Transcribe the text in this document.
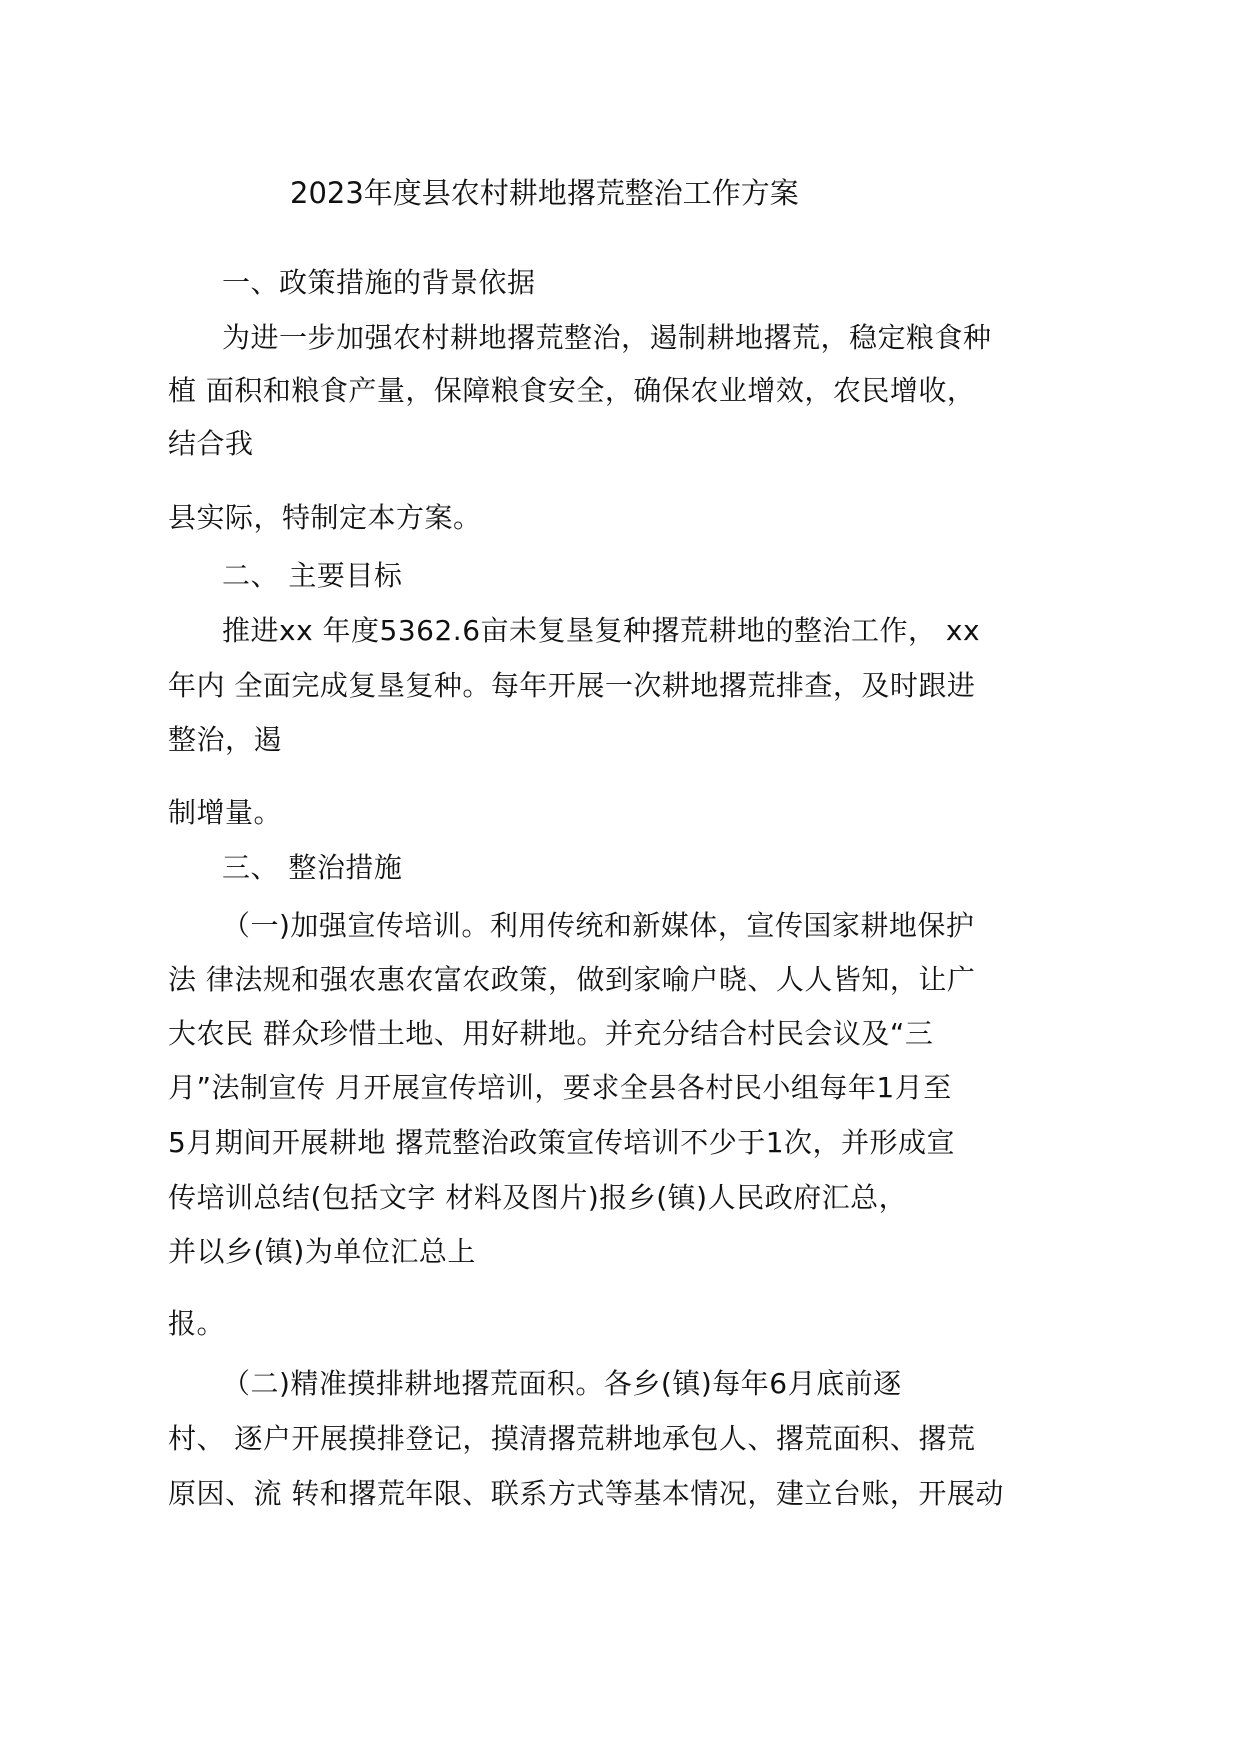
2023年度县农村耕地撂荒整治工作方案

一、政策措施的背景依据

为进一步加强农村耕地撂荒整治，遏制耕地撂荒，稳定粮食种

植 面积和粮食产量，保障粮食安全，确保农业增效，农民增收，

结合我

县实际，特制定本方案。

二、 主要目标

推进xx 年度5362.6亩未复垦复种撂荒耕地的整治工作， xx

年内 全面完成复垦复种。每年开展一次耕地撂荒排查，及时跟进

整治，遏

制增量。

三、 整治措施

（一)加强宣传培训。利用传统和新媒体，宣传国家耕地保护

法 律法规和强农惠农富农政策，做到家喻户晓、人人皆知，让广

大农民 群众珍惜土地、用好耕地。并充分结合村民会议及“三

月”法制宣传 月开展宣传培训，要求全县各村民小组每年1月至

5月期间开展耕地 撂荒整治政策宣传培训不少于1次，并形成宣

传培训总结(包括文字 材料及图片)报乡(镇)人民政府汇总，

并以乡(镇)为单位汇总上

报。

（二)精准摸排耕地撂荒面积。各乡(镇)每年6月底前逐

村、 逐户开展摸排登记，摸清撂荒耕地承包人、撂荒面积、撂荒

原因、流 转和撂荒年限、联系方式等基本情况，建立台账，开展动
